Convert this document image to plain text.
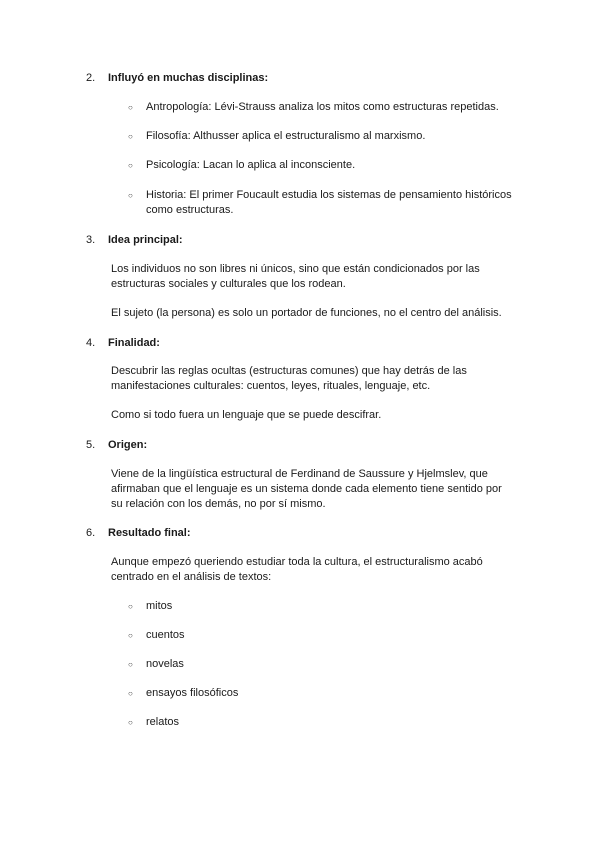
2.	Influyó en muchas disciplinas:
○	Antropología: Lévi-Strauss analiza los mitos como estructuras repetidas.
○	Filosofía: Althusser aplica el estructuralismo al marxismo.
○	Psicología: Lacan lo aplica al inconsciente.
○	Historia: El primer Foucault estudia los sistemas de pensamiento históricos como estructuras.
3.	Idea principal:
Los individuos no son libres ni únicos, sino que están condicionados por las estructuras sociales y culturales que los rodean.
El sujeto (la persona) es solo un portador de funciones, no el centro del análisis.
4.	Finalidad:
Descubrir las reglas ocultas (estructuras comunes) que hay detrás de las manifestaciones culturales: cuentos, leyes, rituales, lenguaje, etc.
Como si todo fuera un lenguaje que se puede descifrar.
5.	Origen:
Viene de la lingüística estructural de Ferdinand de Saussure y Hjelmslev, que afirmaban que el lenguaje es un sistema donde cada elemento tiene sentido por su relación con los demás, no por sí mismo.
6.	Resultado final:
Aunque empezó queriendo estudiar toda la cultura, el estructuralismo acabó centrado en el análisis de textos:
○	mitos
○	cuentos
○	novelas
○	ensayos filosóficos
○	relatos
